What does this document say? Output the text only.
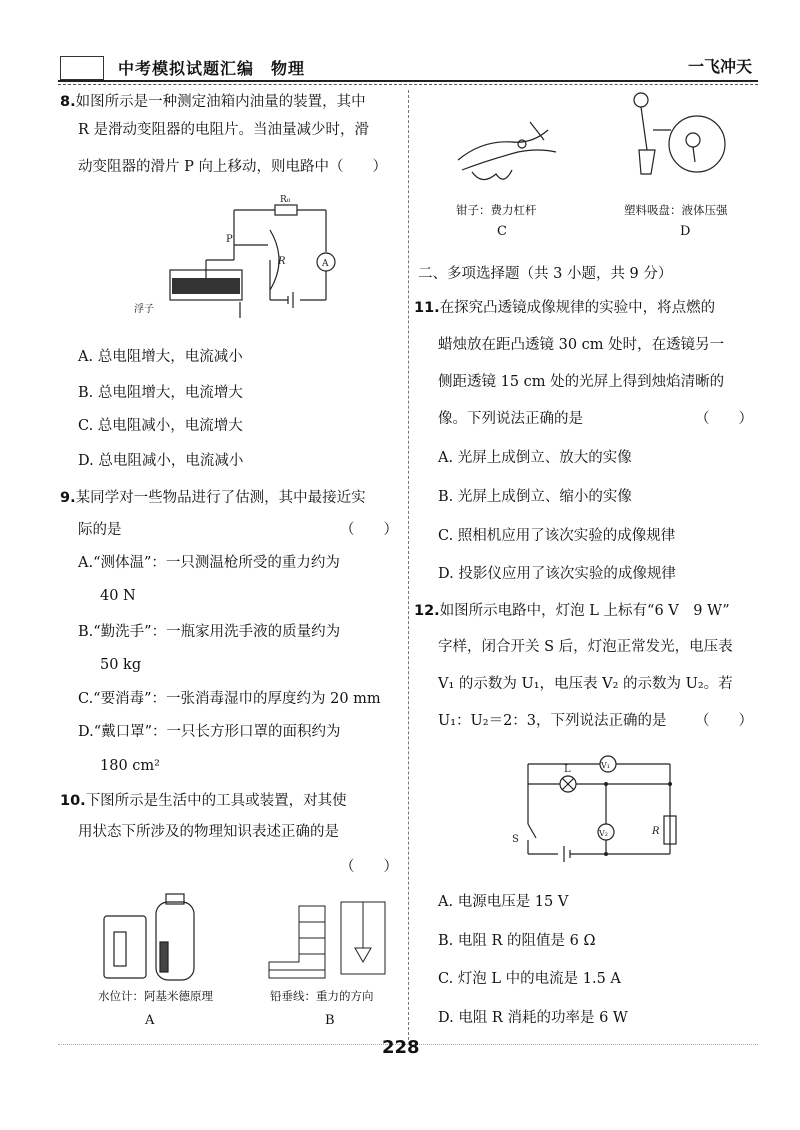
中考模拟试题汇编　物理	一飞冲天
8.如图所示是一种测定油箱内油量的装置，其中
R 是滑动变阻器的电阻片。当油量减少时，滑
动变阻器的滑片 P 向上移动，则电路中（　　）
R₀
P
R	A
浮子
A. 总电阻增大，电流减小
B. 总电阻增大，电流增大
C. 总电阻减小，电流增大
D. 总电阻减小，电流减小
9.某同学对一些物品进行了估测，其中最接近实
际的是	（　　）
A.“测体温”：一只测温枪所受的重力约为
40 N
B.“勤洗手”：一瓶家用洗手液的质量约为
50 kg
C.“要消毒”：一张消毒湿巾的厚度约为 20 mm
D.“戴口罩”：一只长方形口罩的面积约为
180 cm²
10.下图所示是生活中的工具或装置，对其使
用状态下所涉及的物理知识表述正确的是
（　　）
水位计：阿基米德原理
A
铅垂线：重力的方向
B
钳子：费力杠杆
C
塑料吸盘：液体压强
D
二、多项选择题（共 3 小题，共 9 分）
11.在探究凸透镜成像规律的实验中，将点燃的
蜡烛放在距凸透镜 30 cm 处时，在透镜另一
侧距透镜 15 cm 处的光屏上得到烛焰清晰的
像。下列说法正确的是	（　　）
A. 光屏上成倒立、放大的实像
B. 光屏上成倒立、缩小的实像
C. 照相机应用了该次实验的成像规律
D. 投影仪应用了该次实验的成像规律
12.如图所示电路中，灯泡 L 上标有“6 V　9 W”
字样，闭合开关 S 后，灯泡正常发光，电压表
V₁ 的示数为 U₁，电压表 V₂ 的示数为 U₂。若
U₁：U₂＝2：3，下列说法正确的是 （　　）
V₁
V₂
L
S
R
A. 电源电压是 15 V
B. 电阻 R 的阻值是 6 Ω
C. 灯泡 L 中的电流是 1.5 A
D. 电阻 R 消耗的功率是 6 W
228
